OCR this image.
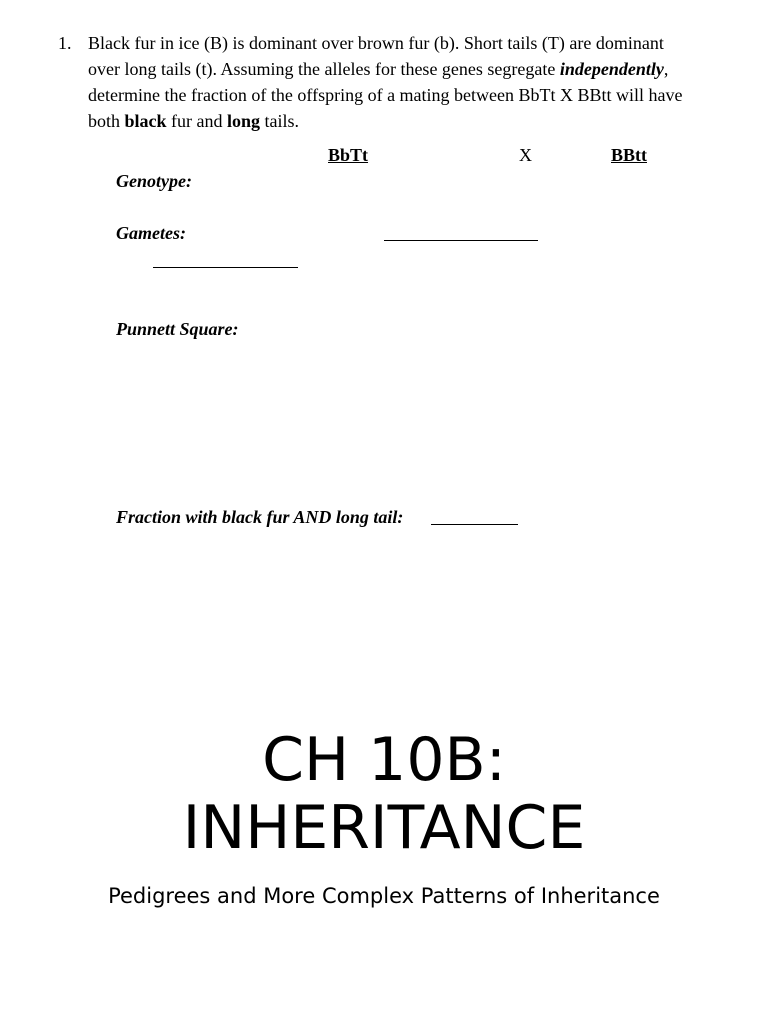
1. Black fur in ice (B) is dominant over brown fur (b). Short tails (T) are dominant over long tails (t). Assuming the alleles for these genes segregate independently, determine the fraction of the offspring of a mating between BbTt X BBtt will have both black fur and long tails.
BbTt	X	BBtt
Genotype:
Gametes:
Punnett Square:
Fraction with black fur AND long tail:
CH 10B:
INHERITANCE
Pedigrees and More Complex Patterns of Inheritance
